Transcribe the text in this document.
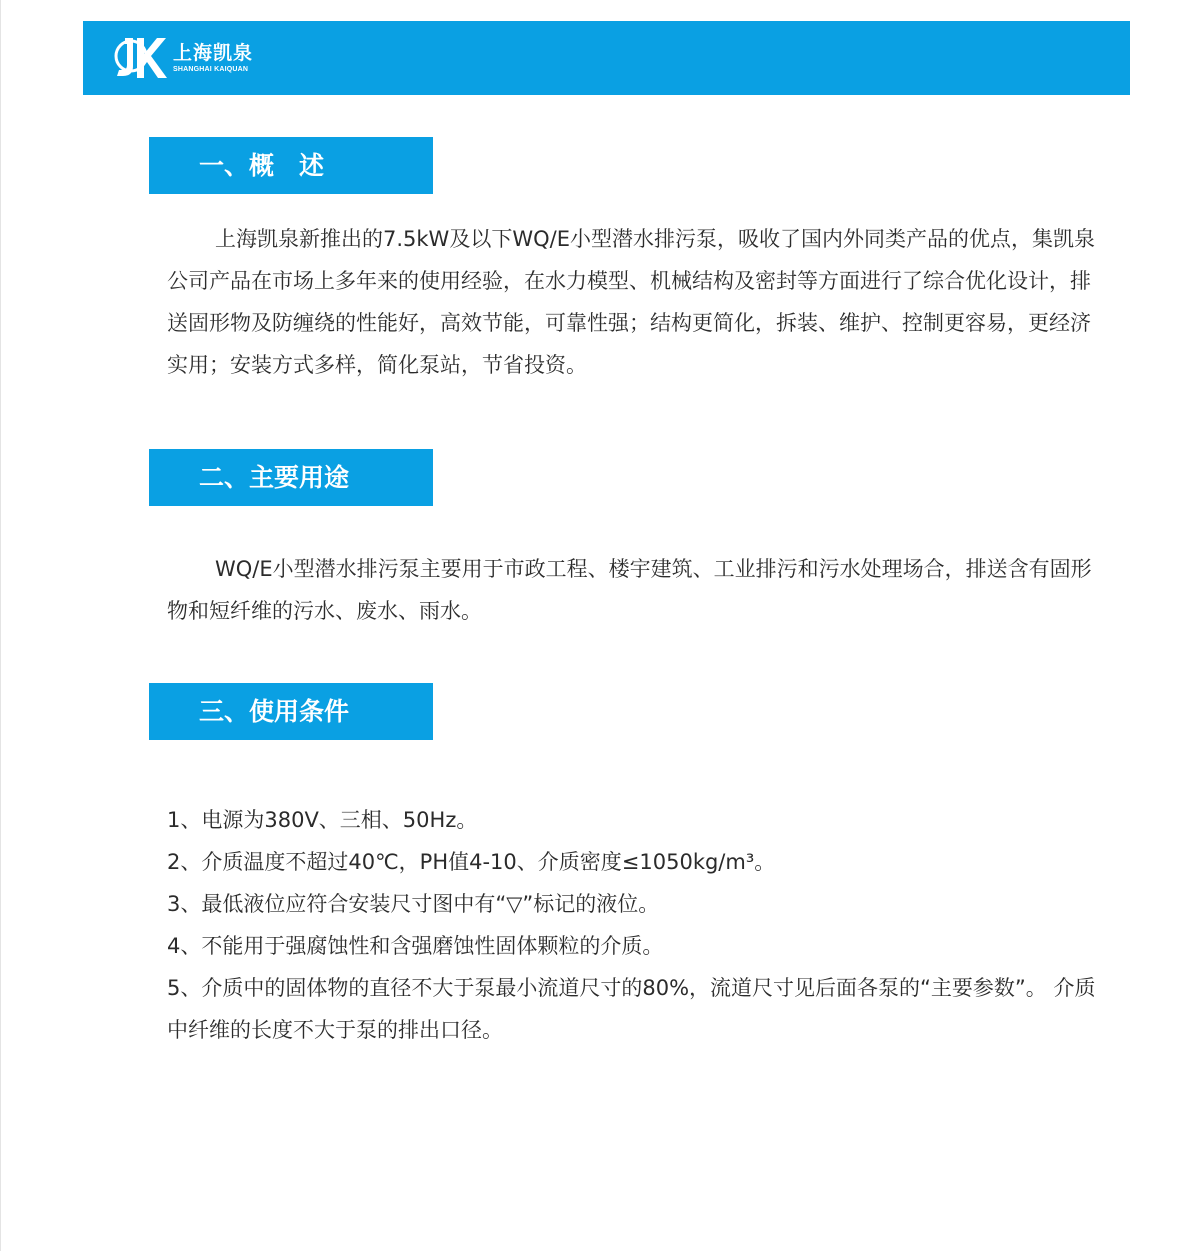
上海凯泉
SHANGHAI KAIQUAN
一、概　述

上海凯泉新推出的7.5kW及以下WQ/E小型潜水排污泵，吸收了国内外同类产品的优点，集凯泉公司产品在市场上多年来的使用经验，在水力模型、机械结构及密封等方面进行了综合优化设计，排送固形物及防缠绕的性能好，高效节能，可靠性强；结构更简化，拆装、维护、控制更容易，更经济实用；安装方式多样，简化泵站，节省投资。

二、主要用途

WQ/E小型潜水排污泵主要用于市政工程、楼宇建筑、工业排污和污水处理场合，排送含有固形物和短纤维的污水、废水、雨水。

三、使用条件

1、电源为380V、三相、50Hz。

2、介质温度不超过40℃，PH值4-10、介质密度≤1050kg/m³。

3、最低液位应符合安装尺寸图中有“▽”标记的液位。

4、不能用于强腐蚀性和含强磨蚀性固体颗粒的介质。

5、介质中的固体物的直径不大于泵最小流道尺寸的80%，流道尺寸见后面各泵的“主要参数”。 介质中纤维的长度不大于泵的排出口径。
